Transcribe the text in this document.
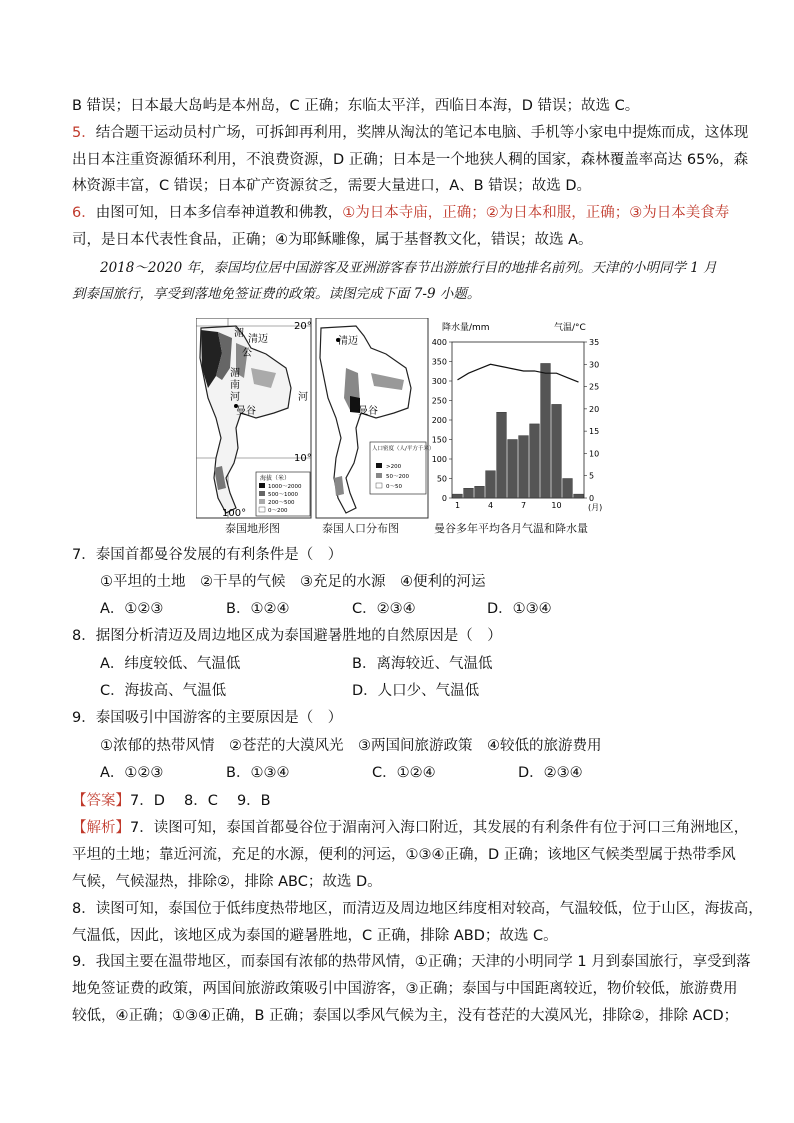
B 错误；日本最大岛屿是本州岛，C 正确；东临太平洋，西临日本海，D 错误；故选 C。
5．结合题干运动员村广场，可拆卸再利用，奖牌从淘汰的笔记本电脑、手机等小家电中提炼而成，这体现
出日本注重资源循环利用，不浪费资源，D 正确；日本是一个地狭人稠的国家，森林覆盖率高达 65%，森
林资源丰富，C 错误；日本矿产资源贫乏，需要大量进口，A、B 错误；故选 D。
6．由图可知，日本多信奉神道教和佛教，①为日本寺庙，正确；②为日本和服，正确；③为日本美食寿
司，是日本代表性食品，正确；④为耶稣雕像，属于基督教文化，错误；故选 A。
2018～2020 年，泰国均位居中国游客及亚洲游客春节出游旅行目的地排名前列。天津的小明同学 1 月
到泰国旅行，享受到落地免签证费的政策。读图完成下面 7-9 小题。
湄
清迈
公
湄
南
河
曼谷
河
20°
10°
100°
海拔（米）
1000～2000
500～1000
200～500
0～200
清迈
曼谷
人口密度（人/平方千米）
>200
50～200
0～50
降水量/mm	气温/°C
0
50
100
150
200
250
300
350
400
0
5
10
15
20
25
30
35
1	4	7	10	(月)
泰国地形图	泰国人口分布图	曼谷多年平均各月气温和降水量
7．泰国首都曼谷发展的有利条件是（　）
①平坦的土地　②干旱的气候　③充足的水源　④便利的河运
A．①②③	B．①②④	C．②③④	D．①③④
8．据图分析清迈及周边地区成为泰国避暑胜地的自然原因是（　）
A．纬度较低、气温低	B．离海较近、气温低
C．海拔高、气温低	D．人口少、气温低
9．泰国吸引中国游客的主要原因是（　）
①浓郁的热带风情　②苍茫的大漠风光　③两国间旅游政策　④较低的旅游费用
A．①②③	B．①③④	C．①②④	D．②③④
【答案】7．D　 8．C　 9．B
【解析】7．读图可知，泰国首都曼谷位于湄南河入海口附近，其发展的有利条件有位于河口三角洲地区，
平坦的土地；靠近河流，充足的水源，便利的河运，①③④正确，D 正确；该地区气候类型属于热带季风
气候，气候湿热，排除②，排除 ABC；故选 D。
8．读图可知，泰国位于低纬度热带地区，而清迈及周边地区纬度相对较高，气温较低，位于山区，海拔高，
气温低，因此，该地区成为泰国的避暑胜地，C 正确，排除 ABD；故选 C。
地免签证费的政策，两国间旅游政策吸引中国游客，③正确；泰国与中国距离较近，物价较低，旅游费用
较低，④正确；①③④正确，B 正确；泰国以季风气候为主，没有苍茫的大漠风光，排除②，排除 ACD；
9．我国主要在温带地区，而泰国有浓郁的热带风情，①正确；天津的小明同学 1 月到泰国旅行，享受到落
